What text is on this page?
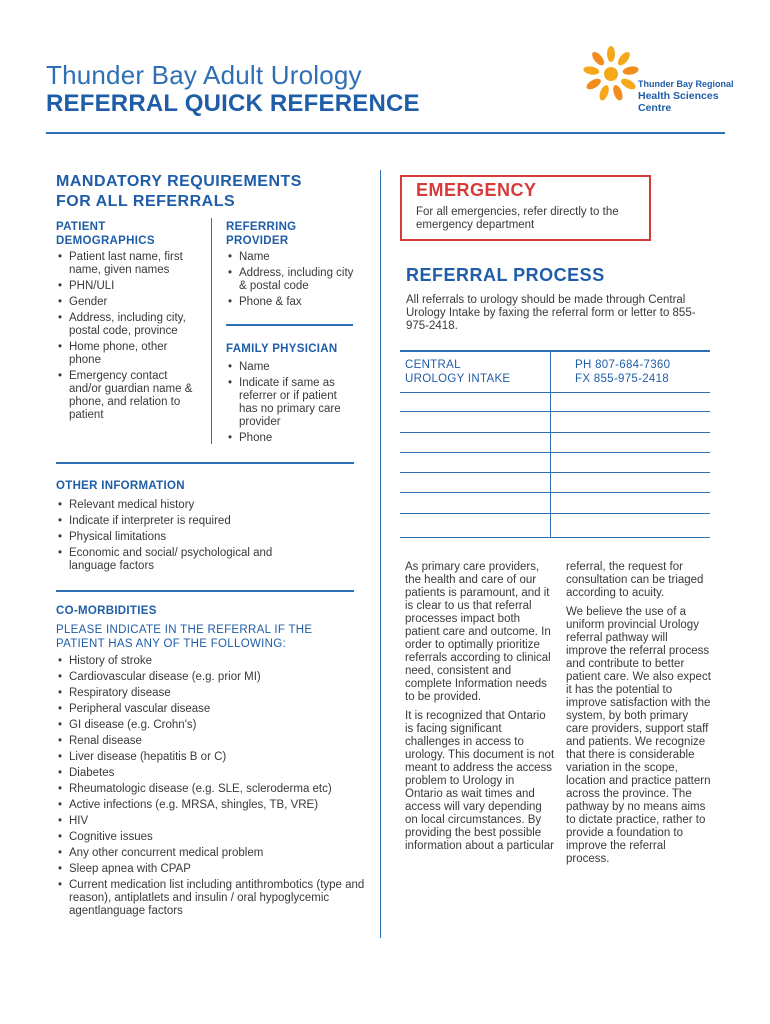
Thunder Bay Adult Urology
REFERRAL QUICK REFERENCE
Thunder Bay Regional
Health Sciences
Centre
MANDATORY REQUIREMENTS
FOR ALL REFERRALS
PATIENT
DEMOGRAPHICS
• Patient last name, first name, given names
• PHN/ULI
• Gender
• Address, including city, postal code, province
• Home phone, other phone
• Emergency contact and/or guardian name & phone, and relation to patient
REFERRING
PROVIDER
• Name
• Address, including city & postal code
• Phone & fax
FAMILY PHYSICIAN
• Name
• Indicate if same as referrer or if patient has no primary care provider
• Phone
OTHER INFORMATION
• Relevant medical history
• Indicate if interpreter is required
• Physical limitations
• Economic and social/ psychological and language factors
CO-MORBIDITIES
PLEASE INDICATE IN THE REFERRAL IF THE
PATIENT HAS ANY OF THE FOLLOWING:
• History of stroke
• Cardiovascular disease (e.g. prior MI)
• Respiratory disease
• Peripheral vascular disease
• GI disease (e.g. Crohn's)
• Renal disease
• Liver disease (hepatitis B or C)
• Diabetes
• Rheumatologic disease (e.g. SLE, scleroderma etc)
• Active infections (e.g. MRSA, shingles, TB, VRE)
• HIV
• Cognitive issues
• Any other concurrent medical problem
• Sleep apnea with CPAP
• Current medication list including antithrombotics (type and reason), antiplatlets and insulin / oral hypoglycemic agentlanguage factors
EMERGENCY
For all emergencies, refer directly to the emergency department
REFERRAL PROCESS
All referrals to urology should be made through Central Urology Intake by faxing the referral form or letter to 855-975-2418.
CENTRAL
UROLOGY INTAKE
PH 807-684-7360
FX 855-975-2418

As primary care providers, the health and care of our patients is paramount, and it is clear to us that referral processes impact both patient care and outcome. In order to optimally prioritize referrals according to clinical need, consistent and complete Information needs to be provided.

It is recognized that Ontario is facing significant challenges in access to urology. This document is not meant to address the access problem to Urology in Ontario as wait times and access will vary depending on local circumstances. By providing the best possible information about a particular

referral, the request for consultation can be triaged according to acuity.

We believe the use of a uniform provincial Urology referral pathway will improve the referral process and contribute to better patient care. We also expect it has the potential to improve satisfaction with the system, by both primary care providers, support staff and patients. We recognize that there is considerable variation in the scope, location and practice pattern across the province. The pathway by no means aims to dictate practice, rather to provide a foundation to improve the referral process.
